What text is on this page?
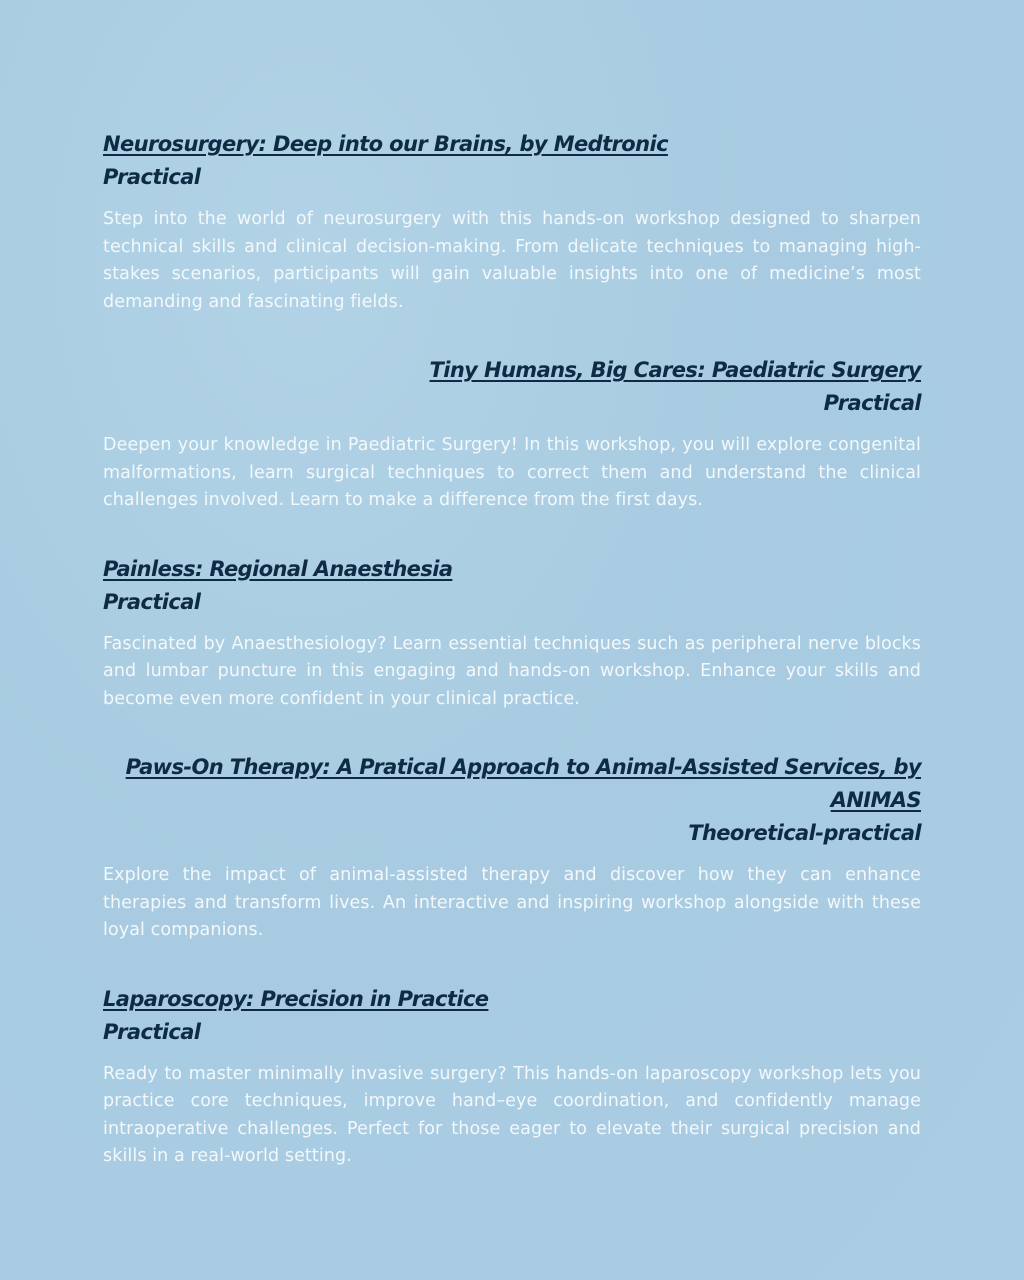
Neurosurgery: Deep into our Brains, by Medtronic
Practical

Step into the world of neurosurgery with this hands-on workshop designed to sharpen technical skills and clinical decision-making. From delicate techniques to managing high-stakes scenarios, participants will gain valuable insights into one of medicine’s most demanding and fascinating fields.

Tiny Humans, Big Cares: Paediatric Surgery
Practical

Deepen your knowledge in Paediatric Surgery! In this workshop, you will explore congenital malformations, learn surgical techniques to correct them and understand the clinical challenges involved. Learn to make a difference from the first days.

Painless: Regional Anaesthesia
Practical

Fascinated by Anaesthesiology? Learn essential techniques such as peripheral nerve blocks and lumbar puncture in this engaging and hands-on workshop. Enhance your skills and become even more confident in your clinical practice.

Paws-On Therapy: A Pratical Approach to Animal-Assisted Services, by ANIMAS
Theoretical-practical

Explore the impact of animal-assisted therapy and discover how they can enhance therapies and transform lives. An interactive and inspiring workshop alongside with these loyal companions.

Laparoscopy: Precision in Practice
Practical

Ready to master minimally invasive surgery? This hands-on laparoscopy workshop lets you practice core techniques, improve hand–eye coordination, and confidently manage intraoperative challenges. Perfect for those eager to elevate their surgical precision and skills in a real-world setting.
